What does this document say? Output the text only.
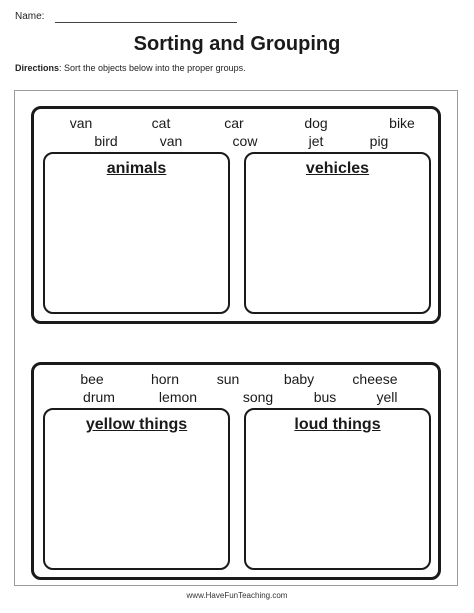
Name:
Sorting and Grouping
Directions: Sort the objects below into the proper groups.
van	cat	car	dog	bike
bird	van	cow	jet	pig
animals	vehicles
bee	horn	sun	baby	cheese
drum	lemon	song	bus	yell
yellow things	loud things
www.HaveFunTeaching.com
